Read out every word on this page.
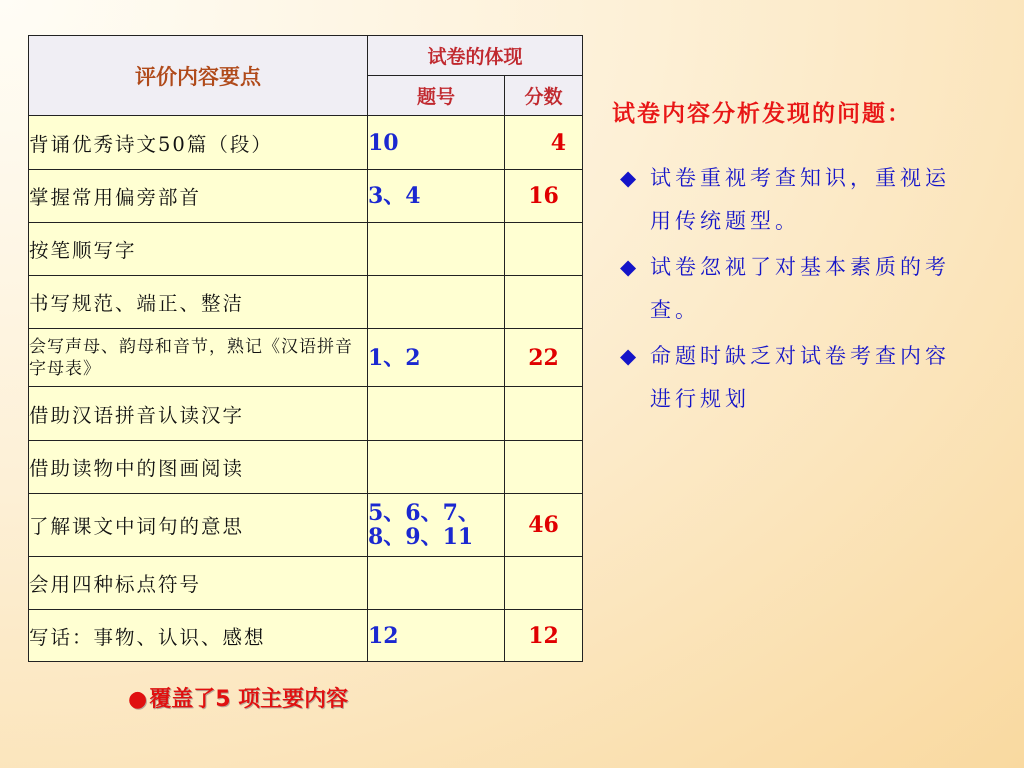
评价内容要点	试卷的体现	
	题号	分数
背诵优秀诗文50篇（段）	10	4
掌握常用偏旁部首	3、4	16
按笔顺写字		
书写规范、端正、整洁		
会写声母、韵母和音节，熟记《汉语拼音字母表》	1、2	22
借助汉语拼音认读汉字		
借助读物中的图画阅读		
了解课文中词句的意思	5、6、7、8、9、11	46
会用四种标点符号		
写话：事物、认识、感想	12	12

试卷内容分析发现的问题：

◆ 试卷重视考查知识，重视运用传统题型。

◆ 试卷忽视了对基本素质的考查。

◆ 命题时缺乏对试卷考查内容进行规划

●覆盖了5 项主要内容
